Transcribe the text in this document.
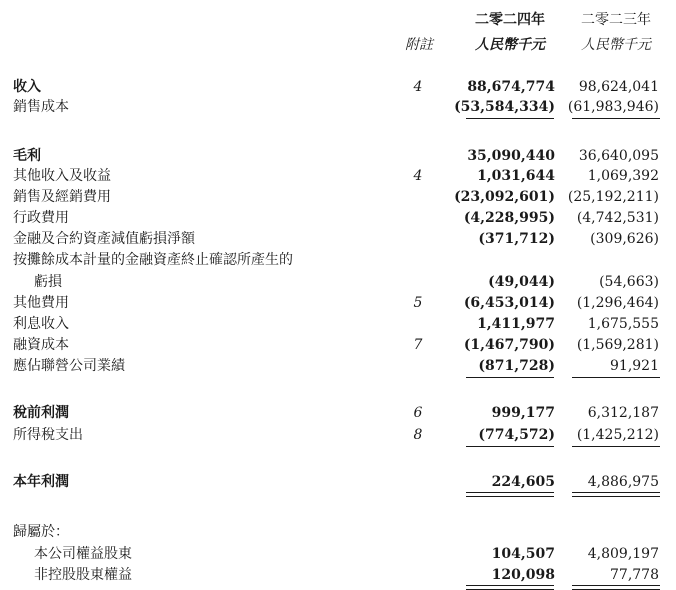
二零二四年	二零二三年
附註	人民幣千元	人民幣千元
收入	4	88,674,774 98,624,041
銷售成本	(53,584,334) (61,983,946)
毛利	35,090,440 36,640,095
其他收入及收益	4	1,031,644 1,069,392
銷售及經銷費用	(23,092,601) (25,192,211)
行政費用	(4,228,995) (4,742,531)
金融及合約資產減值虧損淨額	(371,712)	(309,626)
按攤餘成本計量的金融資產終止確認所產生的
虧損	(49,044)	(54,663)
其他費用	5	(6,453,014) (1,296,464)
利息收入	1,411,977 1,675,555
融資成本	7	(1,467,790) (1,569,281)
應佔聯營公司業績	(871,728)	91,921
稅前利潤	6	999,177 6,312,187
所得稅支出	8	(774,572) (1,425,212)
本年利潤	224,605 4,886,975
歸屬於：
本公司權益股東	104,507 4,809,197
非控股股東權益	120,098	77,778
